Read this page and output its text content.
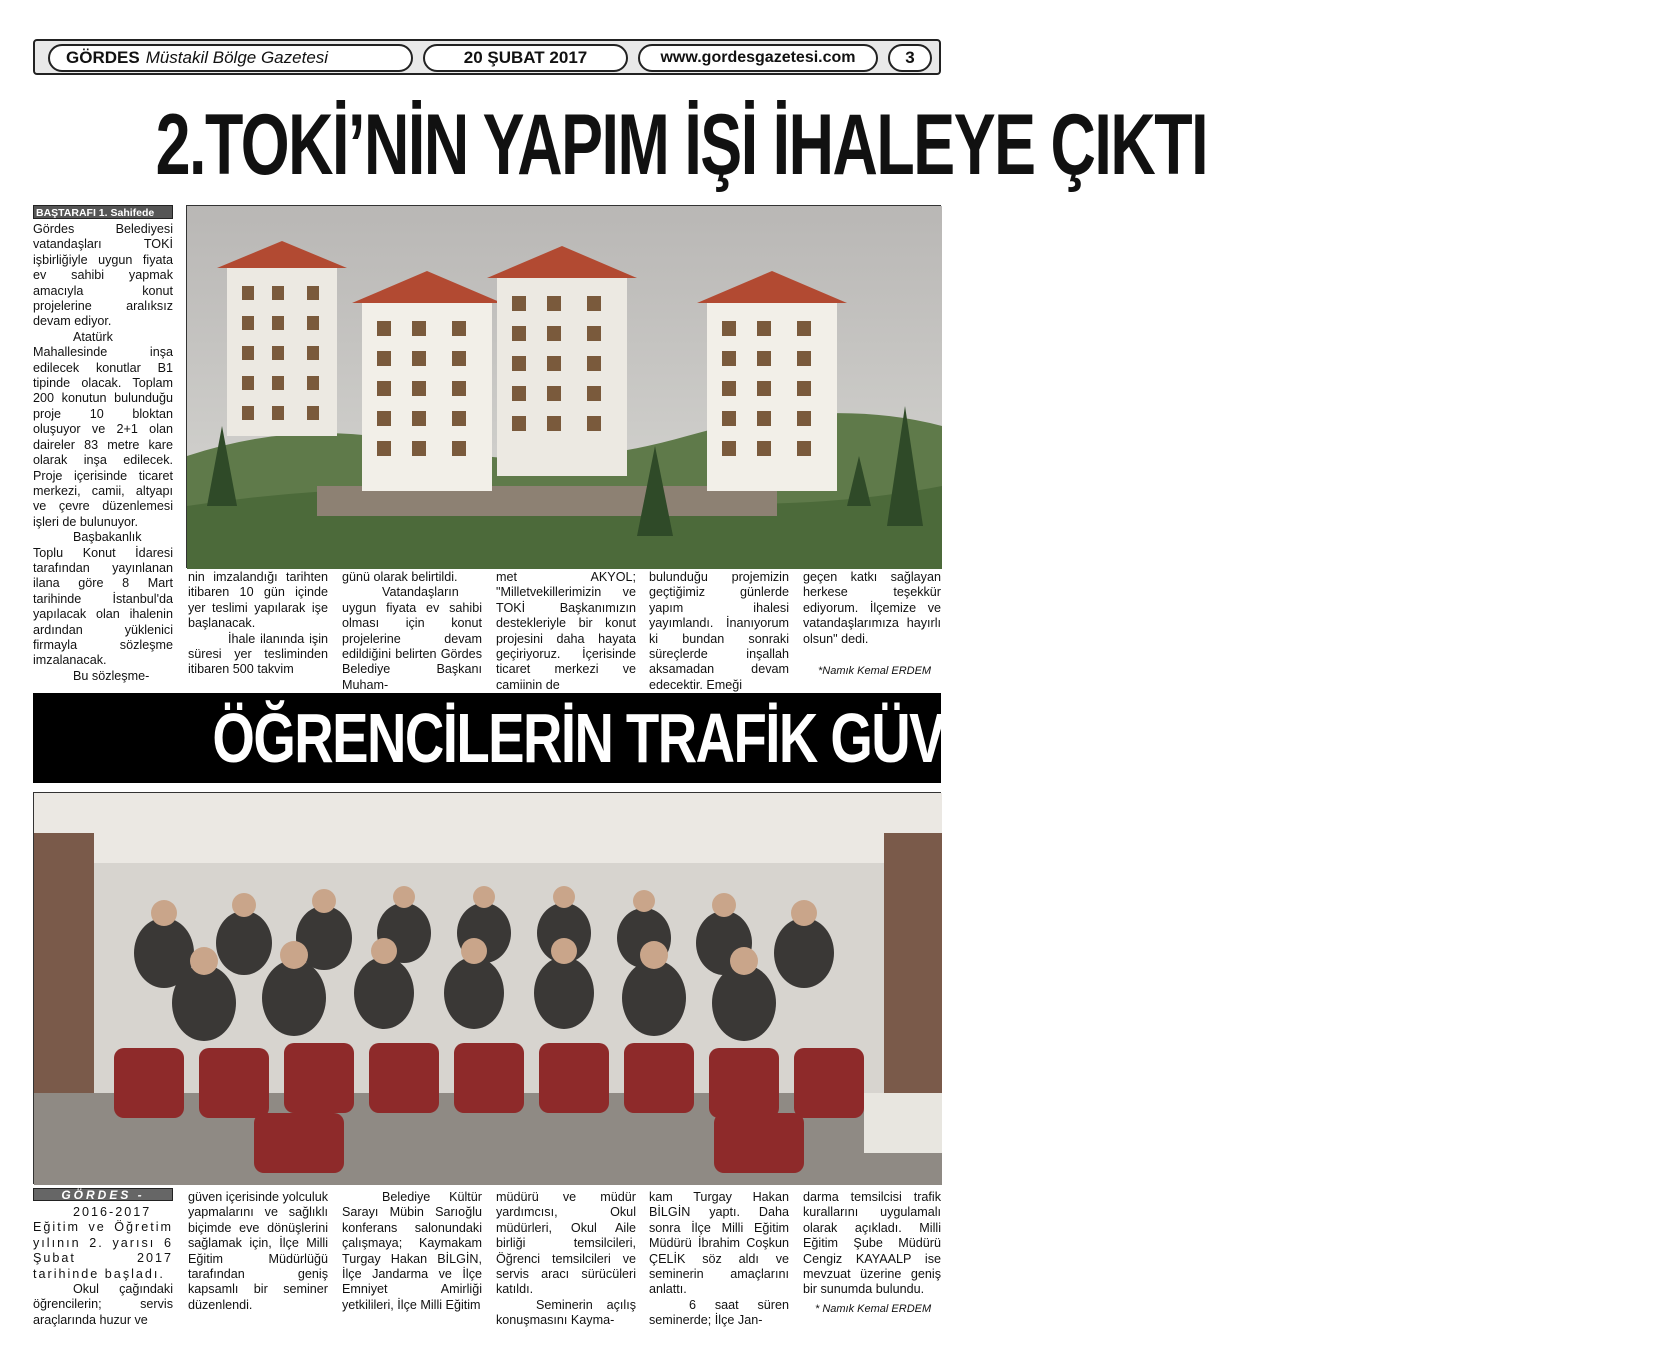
GÖRDES Müstakil Bölge Gazetesi	20 ŞUBAT 2017	www.gordesgazetesi.com	3
2.TOKİ’NİN YAPIM İŞİ İHALEYE ÇIKTI
BAŞTARAFI 1. Sahifede

Gördes Belediyesi vatandaşları TOKİ işbirliğiyle uygun fiyata ev sahibi yapmak amacıyla konut projelerine aralıksız devam ediyor.

Atatürk Mahallesinde inşa edilecek konutlar B1 tipinde olacak. Toplam 200 konutun bulunduğu proje 10 bloktan oluşuyor ve 2+1 olan daireler 83 metre kare olarak inşa edilecek. Proje içerisinde ticaret merkezi, camii, altyapı ve çevre düzenlemesi işleri de bulunuyor.

Başbakanlık Toplu Konut İdaresi tarafından yayınlanan ilana göre 8 Mart tarihinde İstanbul'da yapılacak olan ihalenin ardından yüklenici firmayla sözleşme imzalanacak.

Bu sözleşme-

nin imzalandığı tarihten itibaren 10 gün içinde yer teslimi yapılarak işe başlanacak.

İhale ilanında işin süresi yer tesliminden itibaren 500 takvim

günü olarak belirtildi.

Vatandaşların uygun fiyata ev sahibi olması için konut projelerine devam edildiğini belirten Gördes Belediye Başkanı Muham-

met AKYOL; "Milletvekillerimizin ve TOKİ Başkanımızın destekleriyle bir konut projesini daha hayata geçiriyoruz. İçerisinde ticaret merkezi ve camiinin de

bulunduğu projemizin geçtiğimiz günlerde yapım ihalesi yayımlandı. İnanıyorum ki bundan sonraki süreçlerde inşallah aksamadan devam edecektir. Emeği

geçen katkı sağlayan herkese teşekkür ediyorum. İlçemize ve vatandaşlarımıza hayırlı olsun" dedi.

*Namık Kemal ERDEM
ÖĞRENCİLERİN TRAFİK GÜVENLİĞİ İÇİN SEMİNER
GÖRDES -

2016-2017 Eğitim ve Öğretim yılının 2. yarısı 6 Şubat 2017 tarihinde başladı.

Okul çağındaki öğrencilerin; servis araçlarında huzur ve

güven içerisinde yolculuk yapmalarını ve sağlıklı biçimde eve dönüşlerini sağlamak için, İlçe Milli Eğitim Müdürlüğü tarafından geniş kapsamlı bir seminer düzenlendi.

Belediye Kültür Sarayı Mübin Sarıoğlu konferans salonundaki çalışmaya; Kaymakam Turgay Hakan BİLGİN, İlçe Jandarma ve İlçe Emniyet Amirliği yetkilileri, İlçe Milli Eğitim

müdürü ve müdür yardımcısı, Okul müdürleri, Okul Aile birliği temsilcileri, Öğrenci temsilcileri ve servis aracı sürücüleri katıldı.

Seminerin açılış konuşmasını Kayma-

kam Turgay Hakan BİLGİN yaptı. Daha sonra İlçe Milli Eğitim Müdürü İbrahim Coşkun ÇELİK söz aldı ve seminerin amaçlarını anlattı.

6 saat süren seminerde; İlçe Jan-

darma temsilcisi trafik kurallarını uygulamalı olarak açıkladı. Milli Eğitim Şube Müdürü Cengiz KAYAALP ise mevzuat üzerine geniş bir sunumda bulundu.

* Namık Kemal ERDEM
